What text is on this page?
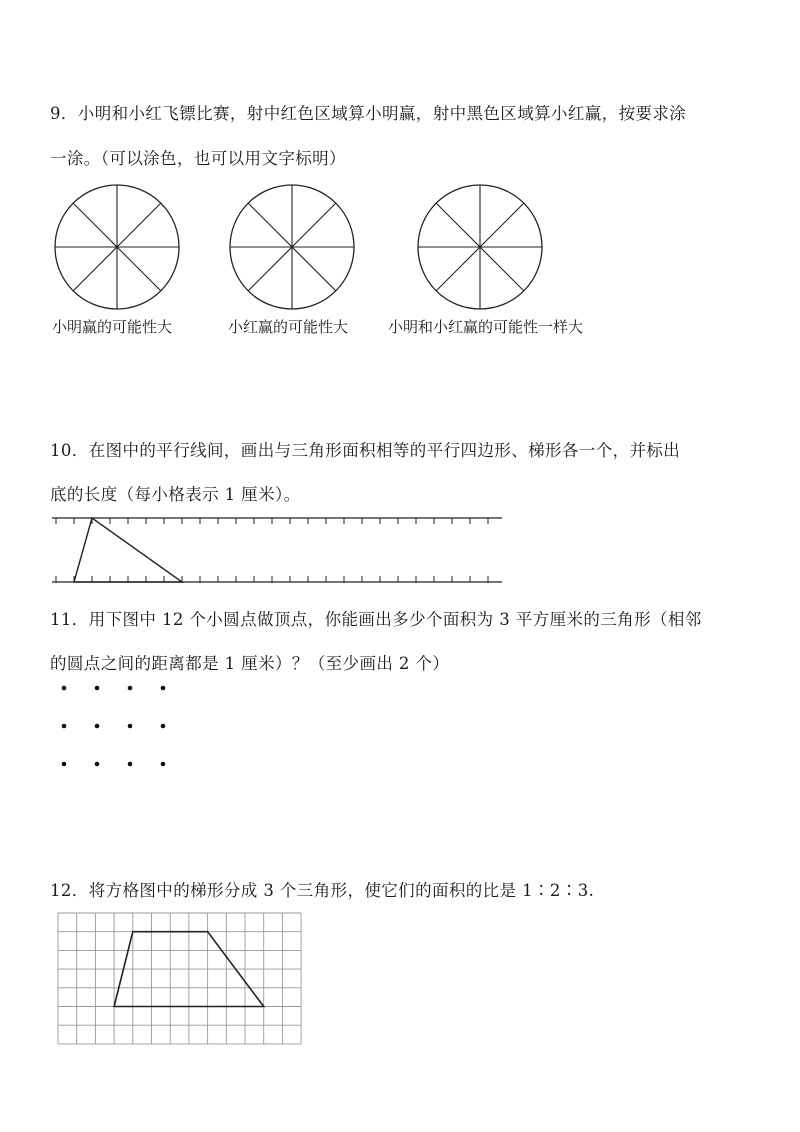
9．小明和小红飞镖比赛，射中红色区域算小明赢，射中黑色区域算小红赢，按要求涂
一涂。（可以涂色，也可以用文字标明）
小明赢的可能性大	小红赢的可能性大	小明和小红赢的可能性一样大
10．在图中的平行线间，画出与三角形面积相等的平行四边形、梯形各一个，并标出
底的长度（每小格表示 1 厘米）。
11．用下图中 12 个小圆点做顶点，你能画出多少个面积为 3 平方厘米的三角形（相邻
的圆点之间的距离都是 1 厘米）？（至少画出 2 个）
12．将方格图中的梯形分成 3 个三角形，使它们的面积的比是 1∶2∶3.
